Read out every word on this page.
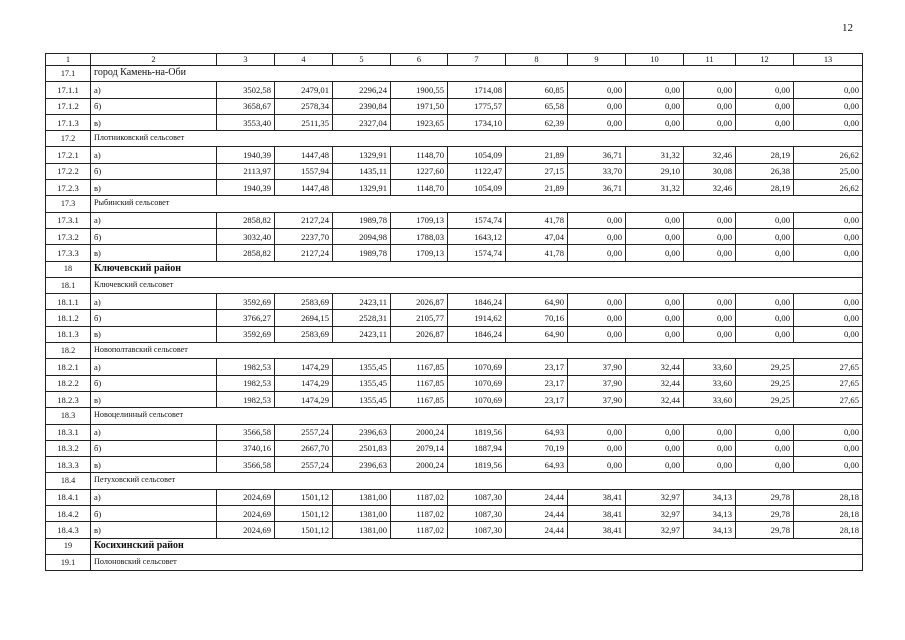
12
1	2	3	4	5	6	7	8	9	10	11	12	13
17.1	город Камень-на-Оби											
17.1.1	а)	3502,58	2479,01	2296,24	1900,55	1714,08	60,85	0,00	0,00	0,00	0,00	0,00
17.1.2	б)	3658,67	2578,34	2390,84	1971,50	1775,57	65,58	0,00	0,00	0,00	0,00	0,00
17.1.3	в)	3553,40	2511,35	2327,04	1923,65	1734,10	62,39	0,00	0,00	0,00	0,00	0,00
17.2	Плотниковский сельсовет											
17.2.1	а)	1940,39	1447,48	1329,91	1148,70	1054,09	21,89	36,71	31,32	32,46	28,19	26,62
17.2.2	б)	2113,97	1557,94	1435,11	1227,60	1122,47	27,15	33,70	29,10	30,08	26,38	25,00
17.2.3	в)	1940,39	1447,48	1329,91	1148,70	1054,09	21,89	36,71	31,32	32,46	28,19	26,62
17.3	Рыбинский сельсовет											
17.3.1	а)	2858,82	2127,24	1989,78	1709,13	1574,74	41,78	0,00	0,00	0,00	0,00	0,00
17.3.2	б)	3032,40	2237,70	2094,98	1788,03	1643,12	47,04	0,00	0,00	0,00	0,00	0,00
17.3.3	в)	2858,82	2127,24	1989,78	1709,13	1574,74	41,78	0,00	0,00	0,00	0,00	0,00
18	Ключевский район											
18.1	Ключевский сельсовет											
18.1.1	а)	3592,69	2583,69	2423,11	2026,87	1846,24	64,90	0,00	0,00	0,00	0,00	0,00
18.1.2	б)	3766,27	2694,15	2528,31	2105,77	1914,62	70,16	0,00	0,00	0,00	0,00	0,00
18.1.3	в)	3592,69	2583,69	2423,11	2026,87	1846,24	64,90	0,00	0,00	0,00	0,00	0,00
18.2	Новополтавский сельсовет											
18.2.1	а)	1982,53	1474,29	1355,45	1167,85	1070,69	23,17	37,90	32,44	33,60	29,25	27,65
18.2.2	б)	1982,53	1474,29	1355,45	1167,85	1070,69	23,17	37,90	32,44	33,60	29,25	27,65
18.2.3	в)	1982,53	1474,29	1355,45	1167,85	1070,69	23,17	37,90	32,44	33,60	29,25	27,65
18.3	Новоцелинный сельсовет											
18.3.1	а)	3566,58	2557,24	2396,63	2000,24	1819,56	64,93	0,00	0,00	0,00	0,00	0,00
18.3.2	б)	3740,16	2667,70	2501,83	2079,14	1887,94	70,19	0,00	0,00	0,00	0,00	0,00
18.3.3	в)	3566,58	2557,24	2396,63	2000,24	1819,56	64,93	0,00	0,00	0,00	0,00	0,00
18.4	Петуховский сельсовет											
18.4.1	а)	2024,69	1501,12	1381,00	1187,02	1087,30	24,44	38,41	32,97	34,13	29,78	28,18
18.4.2	б)	2024,69	1501,12	1381,00	1187,02	1087,30	24,44	38,41	32,97	34,13	29,78	28,18
18.4.3	в)	2024,69	1501,12	1381,00	1187,02	1087,30	24,44	38,41	32,97	34,13	29,78	28,18
19	Косихинский район											
19.1	Полоновский сельсовет											
